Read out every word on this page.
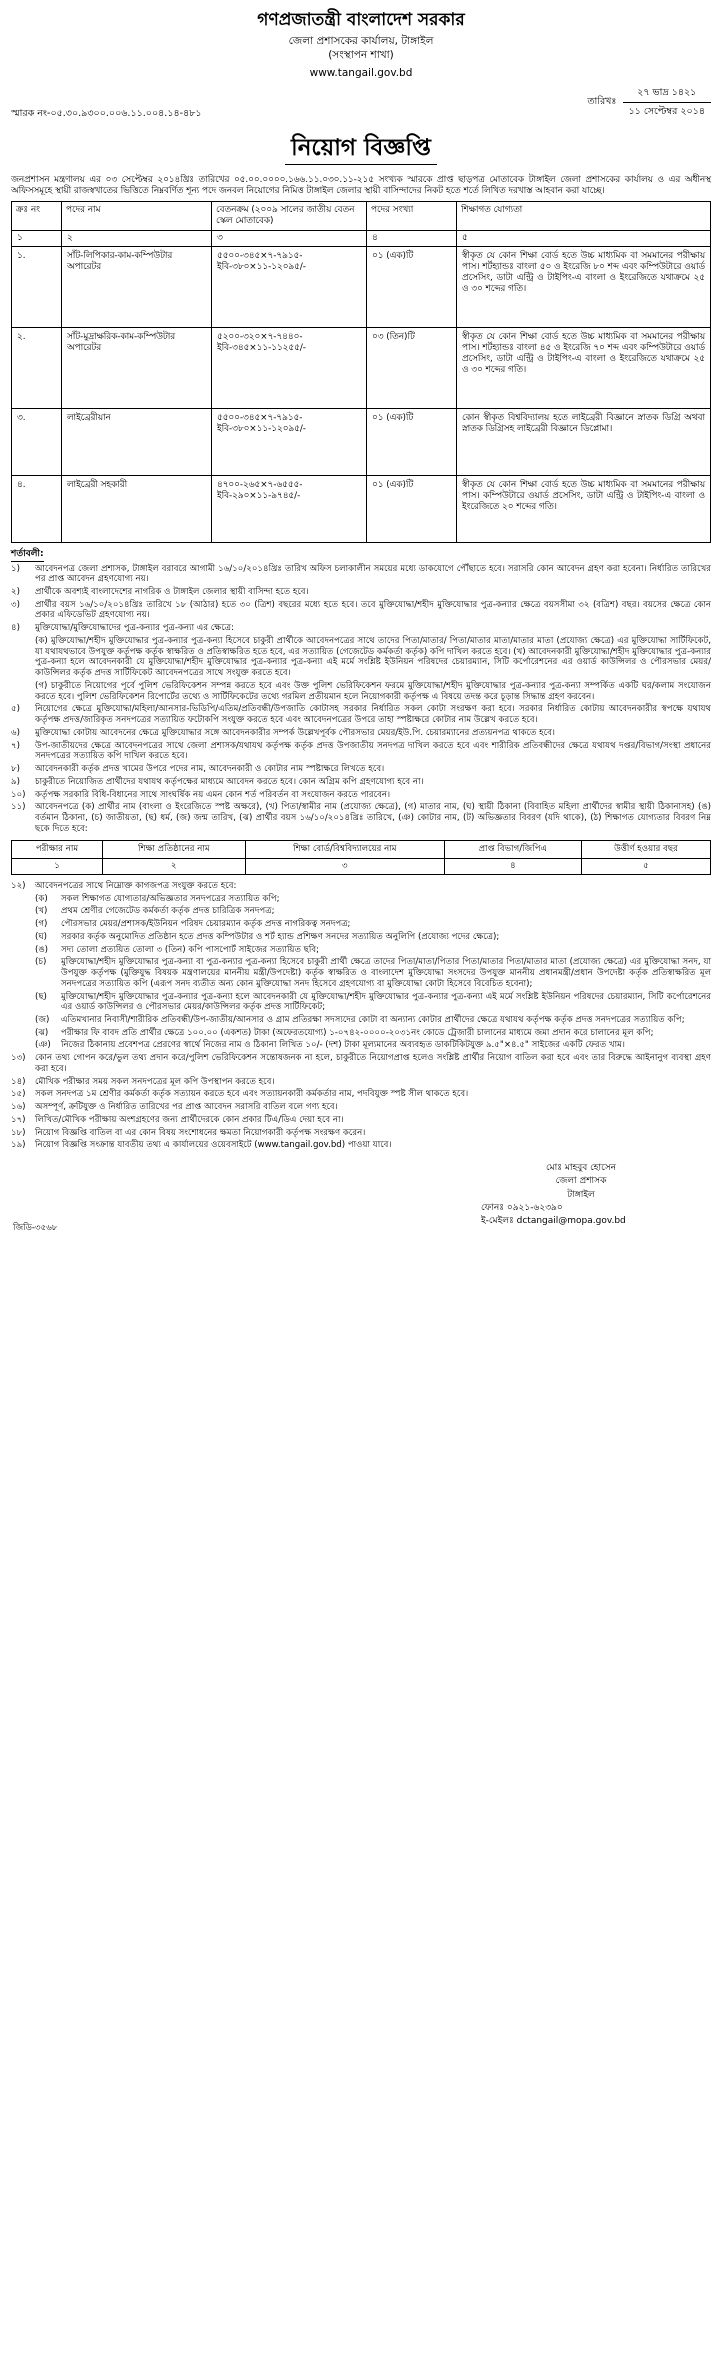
গণপ্রজাতন্ত্রী বাংলাদেশ সরকার
জেলা প্রশাসকের কার্যালয়, টাঙ্গাইল
(সংস্থাপন শাখা)
www.tangail.gov.bd
স্মারক নং-০৫.৩০.৯৩০০.০০৬.১১.০০৪.১৪-৪৮১
তারিখঃ
২৭ ভাদ্র ১৪২১
১১ সেপ্টেম্বর ২০১৪
নিয়োগ বিজ্ঞপ্তি

জনপ্রশাসন মন্ত্রণালয় এর ০৩ সেপ্টেম্বর ২০১৪খ্রিঃ তারিখের ০৫.০০.০০০০.১৬৬.১১.০৩০.১১-২১৫ সংখ্যক স্মারকে প্রাপ্ত ছাড়পত্র মোতাবেক টাঙ্গাইল জেলা প্রশাসকের কার্যালয় ও এর অধীনস্থ অফিসসমূহে স্থায়ী রাজস্বখাতের ভিত্তিতে নিম্নবর্ণিত শূন্য পদে জনবল নিয়োগের নিমিত্ত টাঙ্গাইল জেলার স্থায়ী বাসিন্দাদের নিকট হতে শর্তে লিখিত দরখাস্ত আহবান করা যাচ্ছে।

ক্রঃ নং	পদের নাম	বেতনক্রম (২০০৯ সালের জাতীয় বেতন স্কেল মোতাবেক)	পদের সংখ্যা	শিক্ষাগত যোগ্যতা
১	২	৩	৪	৫
১.	সাঁট-লিপিকার-কাম-কম্পিউটার অপারেটর	৫৫০০-৩৪৫×৭-৭৯১৫-
ইবি-৩৮০×১১-১২০৯৫/-	০১ (এক)টি	স্বীকৃত যে কোন শিক্ষা বোর্ড হতে উচ্চ মাধ্যমিক বা সমমানের পরীক্ষায় পাস। শর্টহ্যান্ডঃ বাংলা ৫০ ও ইংরেজি ৮০ শব্দ এবং কম্পিউটারে ওয়ার্ড প্রসেসিং, ডাটা এন্ট্রি ও টাইপিং-এ বাংলা ও ইংরেজিতে যথাক্রমে ২৫ ও ৩০ শব্দের গতি।
২.	সাঁট-মুদ্রাক্ষরিক-কাম-কম্পিউটার অপারেটর	৫২০০-৩২০×৭-৭৪৪০-
ইবি-৩৪৫×১১-১১২৫৫/-	০৩ (তিন)টি	স্বীকৃত যে কোন শিক্ষা বোর্ড হতে উচ্চ মাধ্যমিক বা সমমানের পরীক্ষায় পাস। শর্টহ্যান্ডঃ বাংলা ৪৫ ও ইংরেজি ৭০ শব্দ এবং কম্পিউটারে ওয়ার্ড প্রসেসিং, ডাটা এন্ট্রি ও টাইপিং-এ বাংলা ও ইংরেজিতে যথাক্রমে ২৫ ও ৩০ শব্দের গতি।
৩.	লাইব্রেরীয়ান	৫৫০০-৩৪৫×৭-৭৯১৫-
ইবি-৩৮০×১১-১২০৯৫/-	০১ (এক)টি	কোন স্বীকৃত বিশ্ববিদ্যালয় হতে লাইব্রেরী বিজ্ঞানে স্নাতক ডিগ্রি অথবা স্নাতক ডিগ্রিসহ লাইব্রেরী বিজ্ঞানে ডিপ্লোমা।
৪.	লাইব্রেরী সহকারী	৪৭০০-২৬৫×৭-৬৫৫৫-
ইবি-২৯০×১১-৯৭৪৫/-	০১ (এক)টি	স্বীকৃত যে কোন শিক্ষা বোর্ড হতে উচ্চ মাধ্যমিক বা সমমানের পরীক্ষায় পাস। কম্পিউটারে ওয়ার্ড প্রসেসিং, ডাটা এন্ট্রি ও টাইপিং-এ বাংলা ও ইংরেজিতে ২০ শব্দের গতি।
শর্তাবলী:
১)	আবেদনপত্র জেলা প্রশাসক, টাঙ্গাইল বরাবরে আগামী ১৬/১০/২০১৪খ্রিঃ তারিখ অফিস চলাকালীন সময়ের মধ্যে ডাকযোগে পৌঁছাতে হবে। সরাসরি কোন আবেদন গ্রহণ করা হবেনা। নির্ধারিত তারিখের পর প্রাপ্ত আবেদন গ্রহণযোগ্য নয়।
২)	প্রার্থীকে অবশ্যই বাংলাদেশের নাগরিক ও টাঙ্গাইল জেলার স্থায়ী বাসিন্দা হতে হবে।
৩)	প্রার্থীর বয়স ১৬/১০/২০১৪খ্রিঃ তারিখে ১৮ (আঠার) হতে ৩০ (ত্রিশ) বছরের মধ্যে হতে হবে। তবে মুক্তিযোদ্ধা/শহীদ মুক্তিযোদ্ধার পুত্র-কন্যার ক্ষেত্রে বয়সসীমা ৩২ (বত্রিশ) বছর। বয়সের ক্ষেত্রে কোন প্রকার এফিডেভিট গ্রহণযোগ্য নয়।
৪)	মুক্তিযোদ্ধা/মুক্তিযোদ্ধাদের পুত্র-কন্যার পুত্র-কন্যা এর ক্ষেত্রে:
(ক) মুক্তিযোদ্ধা/শহীদ মুক্তিযোদ্ধার পুত্র-কন্যার পুত্র-কন্যা হিসেবে চাকুরী প্রার্থীকে আবেদনপত্রের সাথে তাদের পিতা/মাতার/ পিতা/মাতার মাতা/মাতার মাতা (প্রযোজ্য ক্ষেত্রে) এর মুক্তিযোদ্ধা সার্টিফিকেট, যা যথাযথভাবে উপযুক্ত কর্তৃপক্ষ কর্তৃক স্বাক্ষরিত ও প্রতিস্বাক্ষরিত হতে হবে, এর সত্যায়িত (গেজেটেড কর্মকর্তা কর্তৃক) কপি দাখিল করতে হবে। (খ) আবেদনকারী মুক্তিযোদ্ধা/শহীদ মুক্তিযোদ্ধার পুত্র-কন্যার পুত্র-কন্যা হলে আবেদনকারী যে মুক্তিযোদ্ধা/শহীদ মুক্তিযোদ্ধার পুত্র-কন্যার পুত্র-কন্যা এই মর্মে সংশ্লিষ্ট ইউনিয়ন পরিষদের চেয়ারম্যান, সিটি কর্পোরেশনের এর ওয়ার্ড কাউন্সিলর ও পৌরসভার মেয়র/কাউন্সিলর কর্তৃক প্রদত্ত সার্টিফিকেট আবেদনপত্রের সাথে সংযুক্ত করতে হবে।
(গ) চাকুরীতে নিয়োগের পূর্বে পুলিশ ভেরিফিকেশন সম্পন্ন করতে হবে এবং উক্ত পুলিশ ভেরিফিকেশন ফরমে মুক্তিযোদ্ধা/শহীদ মুক্তিযোদ্ধার পুত্র-কন্যার পুত্র-কন্যা সম্পর্কিত একটি ঘর/কলাম সংযোজন করতে হবে। পুলিশ ভেরিফিকেশন রিপোর্টের তথ্যে ও সার্টিফিকেটের তথ্যে গরমিল প্রতীয়মান হলে নিয়োগকারী কর্তৃপক্ষ এ বিষয়ে তদন্ত করে চূড়ান্ত সিদ্ধান্ত গ্রহণ করবেন।
৫)	নিয়োগের ক্ষেত্রে মুক্তিযোদ্ধা/মহিলা/আনসার-ভিডিপি/এতিম/প্রতিবন্ধী/উপজাতি কোটাসহ সরকার নির্ধারিত সকল কোটা সংরক্ষণ করা হবে। সরকার নির্ধারিত কোটায় আবেদনকারীর স্বপক্ষে যথাযথ কর্তৃপক্ষ প্রদত্ত/জারিকৃত সনদপত্রের সত্যায়িত ফটোকপি সংযুক্ত করতে হবে এবং আবেদনপত্রের উপরে তাহা স্পষ্টাক্ষরে কোটার নাম উল্লেখ করতে হবে।
৬)	মুক্তিযোদ্ধা কোটায় আবেদনের ক্ষেত্রে মুক্তিযোদ্ধার সঙ্গে আবেদনকারীর সম্পর্ক উল্লেখপূর্বক পৌরসভার মেয়র/ইউ.পি. চেয়ারম্যানের প্রত্যয়নপত্র থাকতে হবে।
৭)	উপ-জাতীয়দের ক্ষেত্রে আবেদনপত্রের সাথে জেলা প্রশাসক/যথাযথ কর্তৃপক্ষ কর্তৃক প্রদত্ত উপজাতীয় সনদপত্র দাখিল করতে হবে এবং শারীরিক প্রতিবন্ধীদের ক্ষেত্রে যথাযথ দপ্তর/বিভাগ/সংস্থা প্রধানের সনদপত্রের সত্যায়িত কপি দাখিল করতে হবে।
৮)	আবেদনকারী কর্তৃক প্রদত্ত খামের উপরে পদের নাম, আবেদনকারী ও কোটার নাম স্পষ্টাক্ষরে লিখতে হবে।
৯)	চাকুরীতে নিয়োজিত প্রার্থীদের যথাযথ কর্তৃপক্ষের মাধ্যমে আবেদন করতে হবে। কোন অগ্রিম কপি গ্রহণযোগ্য হবে না।
১০)	কর্তৃপক্ষ সরকারি বিধি-বিধানের সাথে সাংঘর্ষিক নয় এমন কোন শর্ত পরিবর্তন বা সংযোজন করতে পারবেন।
১১)	আবেদনপত্রে (ক) প্রার্থীর নাম (বাংলা ও ইংরেজিতে স্পষ্ট অক্ষরে), (খ) পিতা/স্বামীর নাম (প্রযোজ্য ক্ষেত্রে), (গ) মাতার নাম, (ঘ) স্থায়ী ঠিকানা (বিবাহিত মহিলা প্রার্থীদের স্বামীর স্থায়ী ঠিকানাসহ) (ঙ) বর্তমান ঠিকানা, (চ) জাতীয়তা, (ছ) ধর্ম, (জ) জন্ম তারিখ, (ঝ) প্রার্থীর বয়স ১৬/১০/২০১৪খ্রিঃ তারিখে, (ঞ) কোটার নাম, (ট) অভিজ্ঞতার বিবরণ (যদি থাকে), (ঠ) শিক্ষাগত যোগ্যতার বিবরণ নিম্ন ছকে দিতে হবে:
পরীক্ষার নাম	শিক্ষা প্রতিষ্ঠানের নাম	শিক্ষা বোর্ড/বিশ্ববিদ্যালয়ের নাম	প্রাপ্ত বিভাগ/জিপিএ	উত্তীর্ণ হওয়ার বছর
১	২	৩	৪	৫
১২)	আবেদনপত্রের সাথে নিম্নোক্ত কাগজপত্র সংযুক্ত করতে হবে:
(ক)	সকল শিক্ষাগত যোগ্যতার/অভিজ্ঞতার সনদপত্রের সত্যায়িত কপি;
(খ)	প্রথম শ্রেণীর গেজেটেড কর্মকর্তা কর্তৃক প্রদত্ত চারিত্রিক সনদপত্র;
(গ)	পৌরসভার মেয়র/প্রশাসক/ইউনিয়ন পরিষদ চেয়ারম্যান কর্তৃক প্রদত্ত নাগরিকত্ব সনদপত্র;
(ঘ)	সরকার কর্তৃক অনুমোদিত প্রতিষ্ঠান হতে প্রদত্ত কম্পিউটার ও শর্ট হ্যান্ড প্রশিক্ষণ সনদের সত্যায়িত অনুলিপি (প্রযোজ্য পদের ক্ষেত্রে);
(ঙ)	সদ্য তোলা প্রত্যয়িত তোলা ৩ (তিন) কপি পাসপোর্ট সাইজের সত্যায়িত ছবি;
(চ)	মুক্তিযোদ্ধা/শহীদ মুক্তিযোদ্ধার পুত্র-কন্যা বা পুত্র-কন্যার পুত্র-কন্যা হিসেবে চাকুরী প্রার্থী ক্ষেত্রে তাদের পিতা/মাতা/পিতার পিতা/মাতার পিতা/মাতার মাতা (প্রযোজ্য ক্ষেত্রে) এর মুক্তিযোদ্ধা সনদ, যা উপযুক্ত কর্তৃপক্ষ (মুক্তিযুদ্ধ বিষয়ক মন্ত্রণালয়ের মাননীয় মন্ত্রী/উপদেষ্টা) কর্তৃক স্বাক্ষরিত ও বাংলাদেশ মুক্তিযোদ্ধা সংসদের উপযুক্ত মাননীয় প্রধানমন্ত্রী/প্রধান উপদেষ্টা কর্তৃক প্রতিস্বাক্ষরিত মূল সনদপত্রের সত্যায়িত কপি (এরূপ সনদ ব্যতীত অন্য কোন মুক্তিযোদ্ধা সনদ হিসেবে গ্রহণযোগ্য বা মুক্তিযোদ্ধা কোটা হিসেবে বিবেচিত হবেনা);
(ছ)	মুক্তিযোদ্ধা/শহীদ মুক্তিযোদ্ধার পুত্র-কন্যার পুত্র-কন্যা হলে আবেদনকারী যে মুক্তিযোদ্ধা/শহীদ মুক্তিযোদ্ধার পুত্র-কন্যার পুত্র-কন্যা এই মর্মে সংশ্লিষ্ট ইউনিয়ন পরিষদের চেয়ারম্যান, সিটি কর্পোরেশনের এর ওয়ার্ড কাউন্সিলর ও পৌরসভার মেয়র/কাউন্সিলর কর্তৃক প্রদত্ত সার্টিফিকেট;
(জ)	এতিমখানার নিবাসী/শারীরিক প্রতিবন্ধী/উপ-জাতীয়/আনসার ও গ্রাম প্রতিরক্ষা সদস্যদের কোটা বা অন্যান্য কোটার প্রার্থীদের ক্ষেত্রে যথাযথ কর্তৃপক্ষ কর্তৃক প্রদত্ত সনদপত্রের সত্যায়িত কপি;
(ঝ)	পরীক্ষার ফি বাবদ প্রতি প্রার্থীর ক্ষেত্রে ১০০.০০ (একশত) টাকা (অফেরতযোগ্য) ১-০৭৪২-০০০০-২০৩১নং কোডে ট্রেজারী চালানের মাধ্যমে জমা প্রদান করে চালানের মূল কপি;
(ঞ)	নিজের ঠিকানায় প্রবেশপত্র প্রেরণের স্বার্থে নিজের নাম ও ঠিকানা লিখিত ১০/- (দশ) টাকা মূল্যমানের অব্যবহৃত ডাকটিকিটযুক্ত ৯.৫"×৪.৫" সাইজের একটি ফেরত খাম।
১৩)	কোন তথ্য গোপন করে/ভুল তথ্য প্রদান করে/পুলিশ ভেরিফিকেশন সন্তোষজনক না হলে, চাকুরীতে নিয়োগপ্রাপ্ত হলেও সংশ্লিষ্ট প্রার্থীর নিয়োগ বাতিল করা হবে এবং তার বিরুদ্ধে আইনানুগ ব্যবস্থা গ্রহণ করা হবে।
১৪)	মৌখিক পরীক্ষার সময় সকল সনদপত্রের মূল কপি উপস্থাপন করতে হবে।
১৫)	সকল সনদপত্র ১ম শ্রেণীর কর্মকর্তা কর্তৃক সত্যায়ন করতে হবে এবং সত্যায়নকারী কর্মকর্তার নাম, পদবিযুক্ত স্পষ্ট সীল থাকতে হবে।
১৬)	অসম্পূর্ণ, ক্রটিযুক্ত ও নির্ধারিত তারিখের পর প্রাপ্ত আবেদন সরাসরি বাতিল বলে গণ্য হবে।
১৭)	লিখিত/মৌখিক পরীক্ষায় অংশগ্রহণের জন্য প্রার্থীদেরকে কোন প্রকার টিএ/ডিএ দেয়া হবে না।
১৮)	নিয়োগ বিজ্ঞপ্তি বাতিল বা এর কোন বিষয় সংশোধনের ক্ষমতা নিয়োগকারী কর্তৃপক্ষ সংরক্ষণ করেন।
১৯)	নিয়োগ বিজ্ঞপ্তি সংক্রান্ত যাবতীয় তথ্য এ কার্যালয়ের ওয়েবসাইটে (www.tangail.gov.bd) পাওয়া যাবে।
মোঃ মাহবুব হোসেন
জেলা প্রশাসক
টাঙ্গাইল
ফোনঃ ০৯২১-৬২৩৯০
ই-মেইলঃ dctangail@mopa.gov.bd
জিডি-৩৫৬৮
